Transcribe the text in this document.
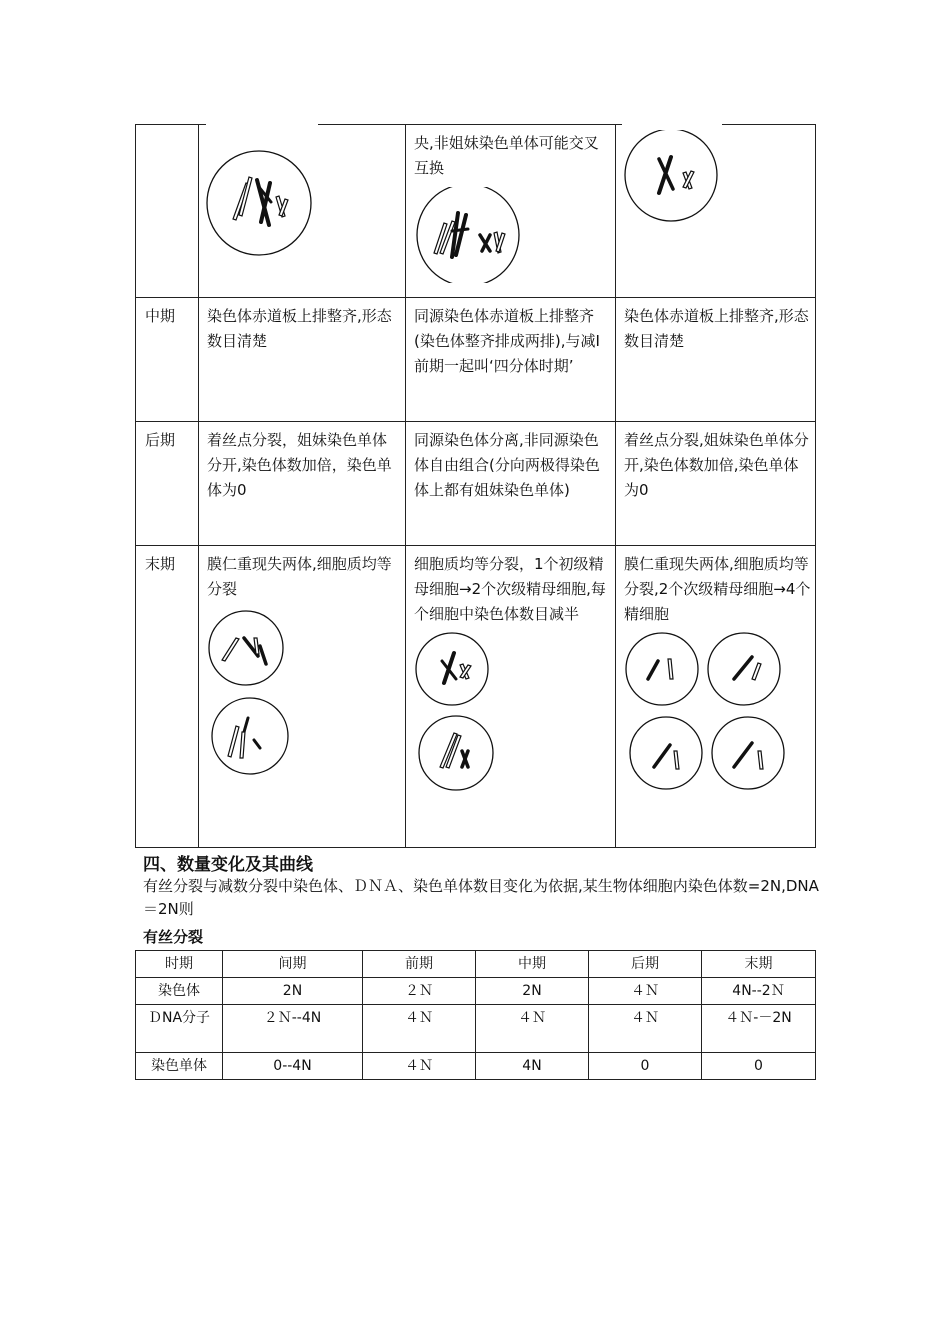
央,非姐妹染色单体可能交叉互换

中期	染色体赤道板上排整齐,形态数目清楚	同源染色体赤道板上排整齐(染色体整齐排成两排),与减Ⅰ前期一起叫‘四分体时期’	染色体赤道板上排整齐,形态数目清楚
后期	着丝点分裂，姐妹染色单体分开,染色体数加倍，染色单体为0	同源染色体分离,非同源染色体自由组合(分向两极得染色体上都有姐妹染色单体)	着丝点分裂,姐妹染色单体分开,染色体数加倍,染色单体为0
末期	膜仁重现失两体,细胞质均等分裂	细胞质均等分裂，1个初级精母细胞→2个次级精母细胞,每个细胞中染色体数目减半	膜仁重现失两体,细胞质均等分裂,2个次级精母细胞→4个精细胞
四、数量变化及其曲线

有丝分裂与减数分裂中染色体、ＤＮＡ、染色单体数目变化为依据,某生物体细胞内染色体数=2N,DNA＝2N则

有丝分裂
时期	间期	前期	中期	后期	末期
染色体	2N	２Ｎ	2N	４Ｎ	4N--2Ｎ
ＤNA分子	２Ｎ--4N	４Ｎ	４Ｎ	４Ｎ	４Ｎ-－2N
染色单体	0--4N	４Ｎ	4N	0	0
